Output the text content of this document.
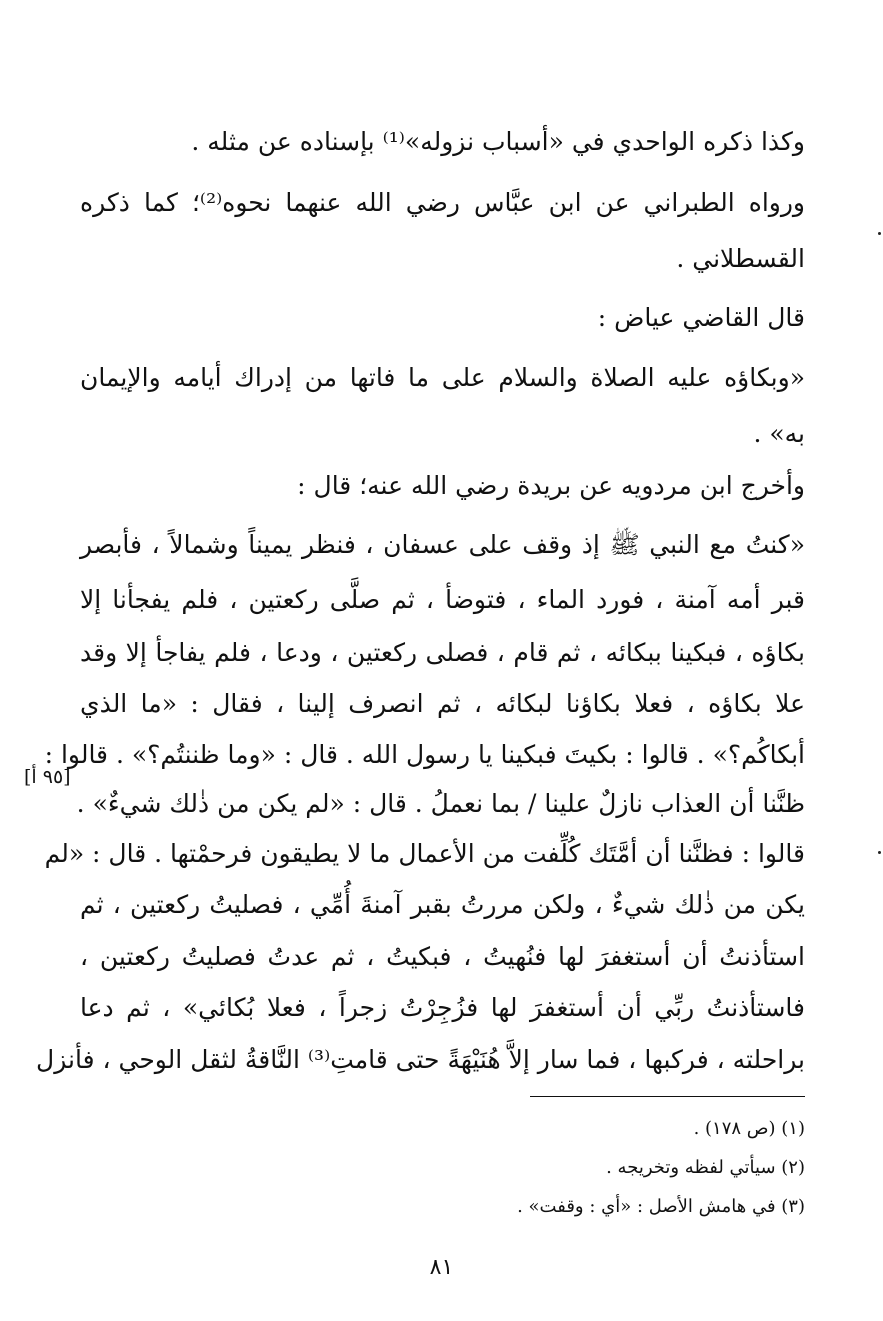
وكذا ذكره الواحدي في «أسباب نزوله»⁽¹⁾ بإسناده عن مثله .
ورواه الطبراني عن ابن عبَّاس رضي الله عنهما نحوه⁽²⁾؛ كما ذكره
القسطلاني .
قال القاضي عياض :
«وبكاؤه عليه الصلاة والسلام على ما فاتها من إدراك أيامه والإيمان
به» .
وأخرج ابن مردويه عن بريدة رضي الله عنه؛ قال :
«كنتُ مع النبي ﷺ إذ وقف على عسفان ، فنظر يميناً وشمالاً ، فأبصر
قبر أمه آمنة ، فورد الماء ، فتوضأ ، ثم صلَّى ركعتين ، فلم يفجأنا إلا
بكاؤه ، فبكينا ببكائه ، ثم قام ، فصلى ركعتين ، ودعا ، فلم يفاجأ إلا وقد
علا بكاؤه ، فعلا بكاؤنا لبكائه ، ثم انصرف إلينا ، فقال : «ما الذي
أبكاكُم؟» . قالوا : بكيتَ فبكينا يا رسول الله . قال : «وما ظننتُم؟» . قالوا :
ظنَّنا أن العذاب نازلٌ علينا / بما نعملُ . قال : «لم يكن من ذٰلك شيءٌ» .
قالوا : فظنَّنا أن أمَّتَك كُلِّفت من الأعمال ما لا يطيقون فرحمْتها . قال : «لم
يكن من ذٰلك شيءٌ ، ولكن مررتُ بقبر آمنةَ أُمِّي ، فصليتُ ركعتين ، ثم
استأذنتُ أن أستغفرَ لها فنُهيتُ ، فبكيتُ ، ثم عدتُ فصليتُ ركعتين ،
فاستأذنتُ ربِّي أن أستغفرَ لها فزُجِرْتُ زجراً ، فعلا بُكائي» ، ثم دعا
براحلته ، فركبها ، فما سار إلاَّ هُنَيْهَةً حتى قامتِ⁽³⁾ النَّاقةُ لثقل الوحي ، فأنزل
[٩٥ أ]
(١) (ص ١٧٨) .
(٢) سيأتي لفظه وتخريجه .
(٣) في هامش الأصل : «أي : وقفت» .
٨١
